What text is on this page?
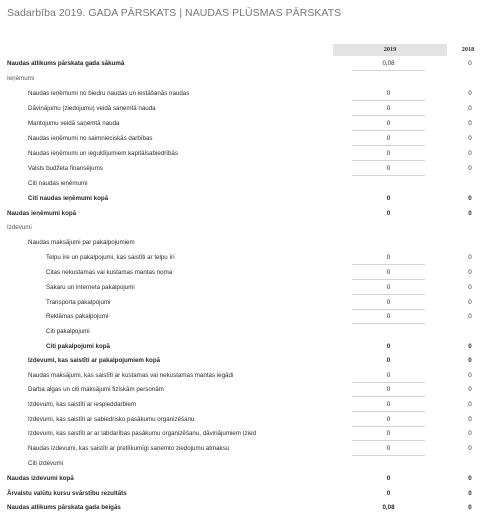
Sadarbība 2019. GADA PĀRSKATS | NAUDAS PLŪSMAS PĀRSKATS
2019	2018
Naudas atlikums pārskata gada sākumā	0,08	0
Ieņēmumi
Naudas ieņēmumi no biedru naudas un iestāšanās naudas	0	0
Dāvinājumu (ziedojumu) veidā saņemtā nauda	0	0
Mantojumu veidā saņemtā nauda	0	0
Naudas ieņēmumi no saimnieciskās darbības	0	0
Naudas ieņēmumi un ieguldījumiem kapitālsabiedrībās	0	0
Valsts budžeta finansējums	0	0
Citi naudas ieņēmumi
Citi naudas ieņēmumi kopā	0	0
Naudas ieņēmumi kopā	0	0
Izdevumi
Naudas maksājumi par pakalpojumiem
Telpu īre un pakalpojumi, kas saistīti ar telpu īri	0	0
Citas nekustamas vai kustamas mantas noma	0	0
Sakaru un interneta pakalpojumi	0	0
Transporta pakalpojumi	0	0
Reklāmas pakalpojumi	0	0
Citi pakalpojumi
Citi pakalpojumi kopā	0	0
Izdevumi, kas saistīti ar pakalpojumiem kopā	0	0
Naudas maksājumi, kas saistīti ar kustamas vai nekustamas mantas iegādi	0	0
Darba algas un citi maksājumi fiziskām personām	0	0
Izdevumi, kas saistīti ar iespieddarbiem	0	0
Izdevumi, kas saistīti ar sabiedrisko pasākumu organizēšanu	0	0
Izdevumi, kas saistīti ar ar labdarības pasākumu organizēšanu, dāvinājumiem (zied	0	0
Naudas izdevumi, kas saistīti ar pretlīkumīgi saņemto ziedojumu atmaksu	0	0
Citi izdevumi
Naudas izdevumi kopā	0	0
Ārvalstu valūtu kursu svārstību rezultāts	0	0
Naudas atlikums pārskata gada beigās	0,08	0
